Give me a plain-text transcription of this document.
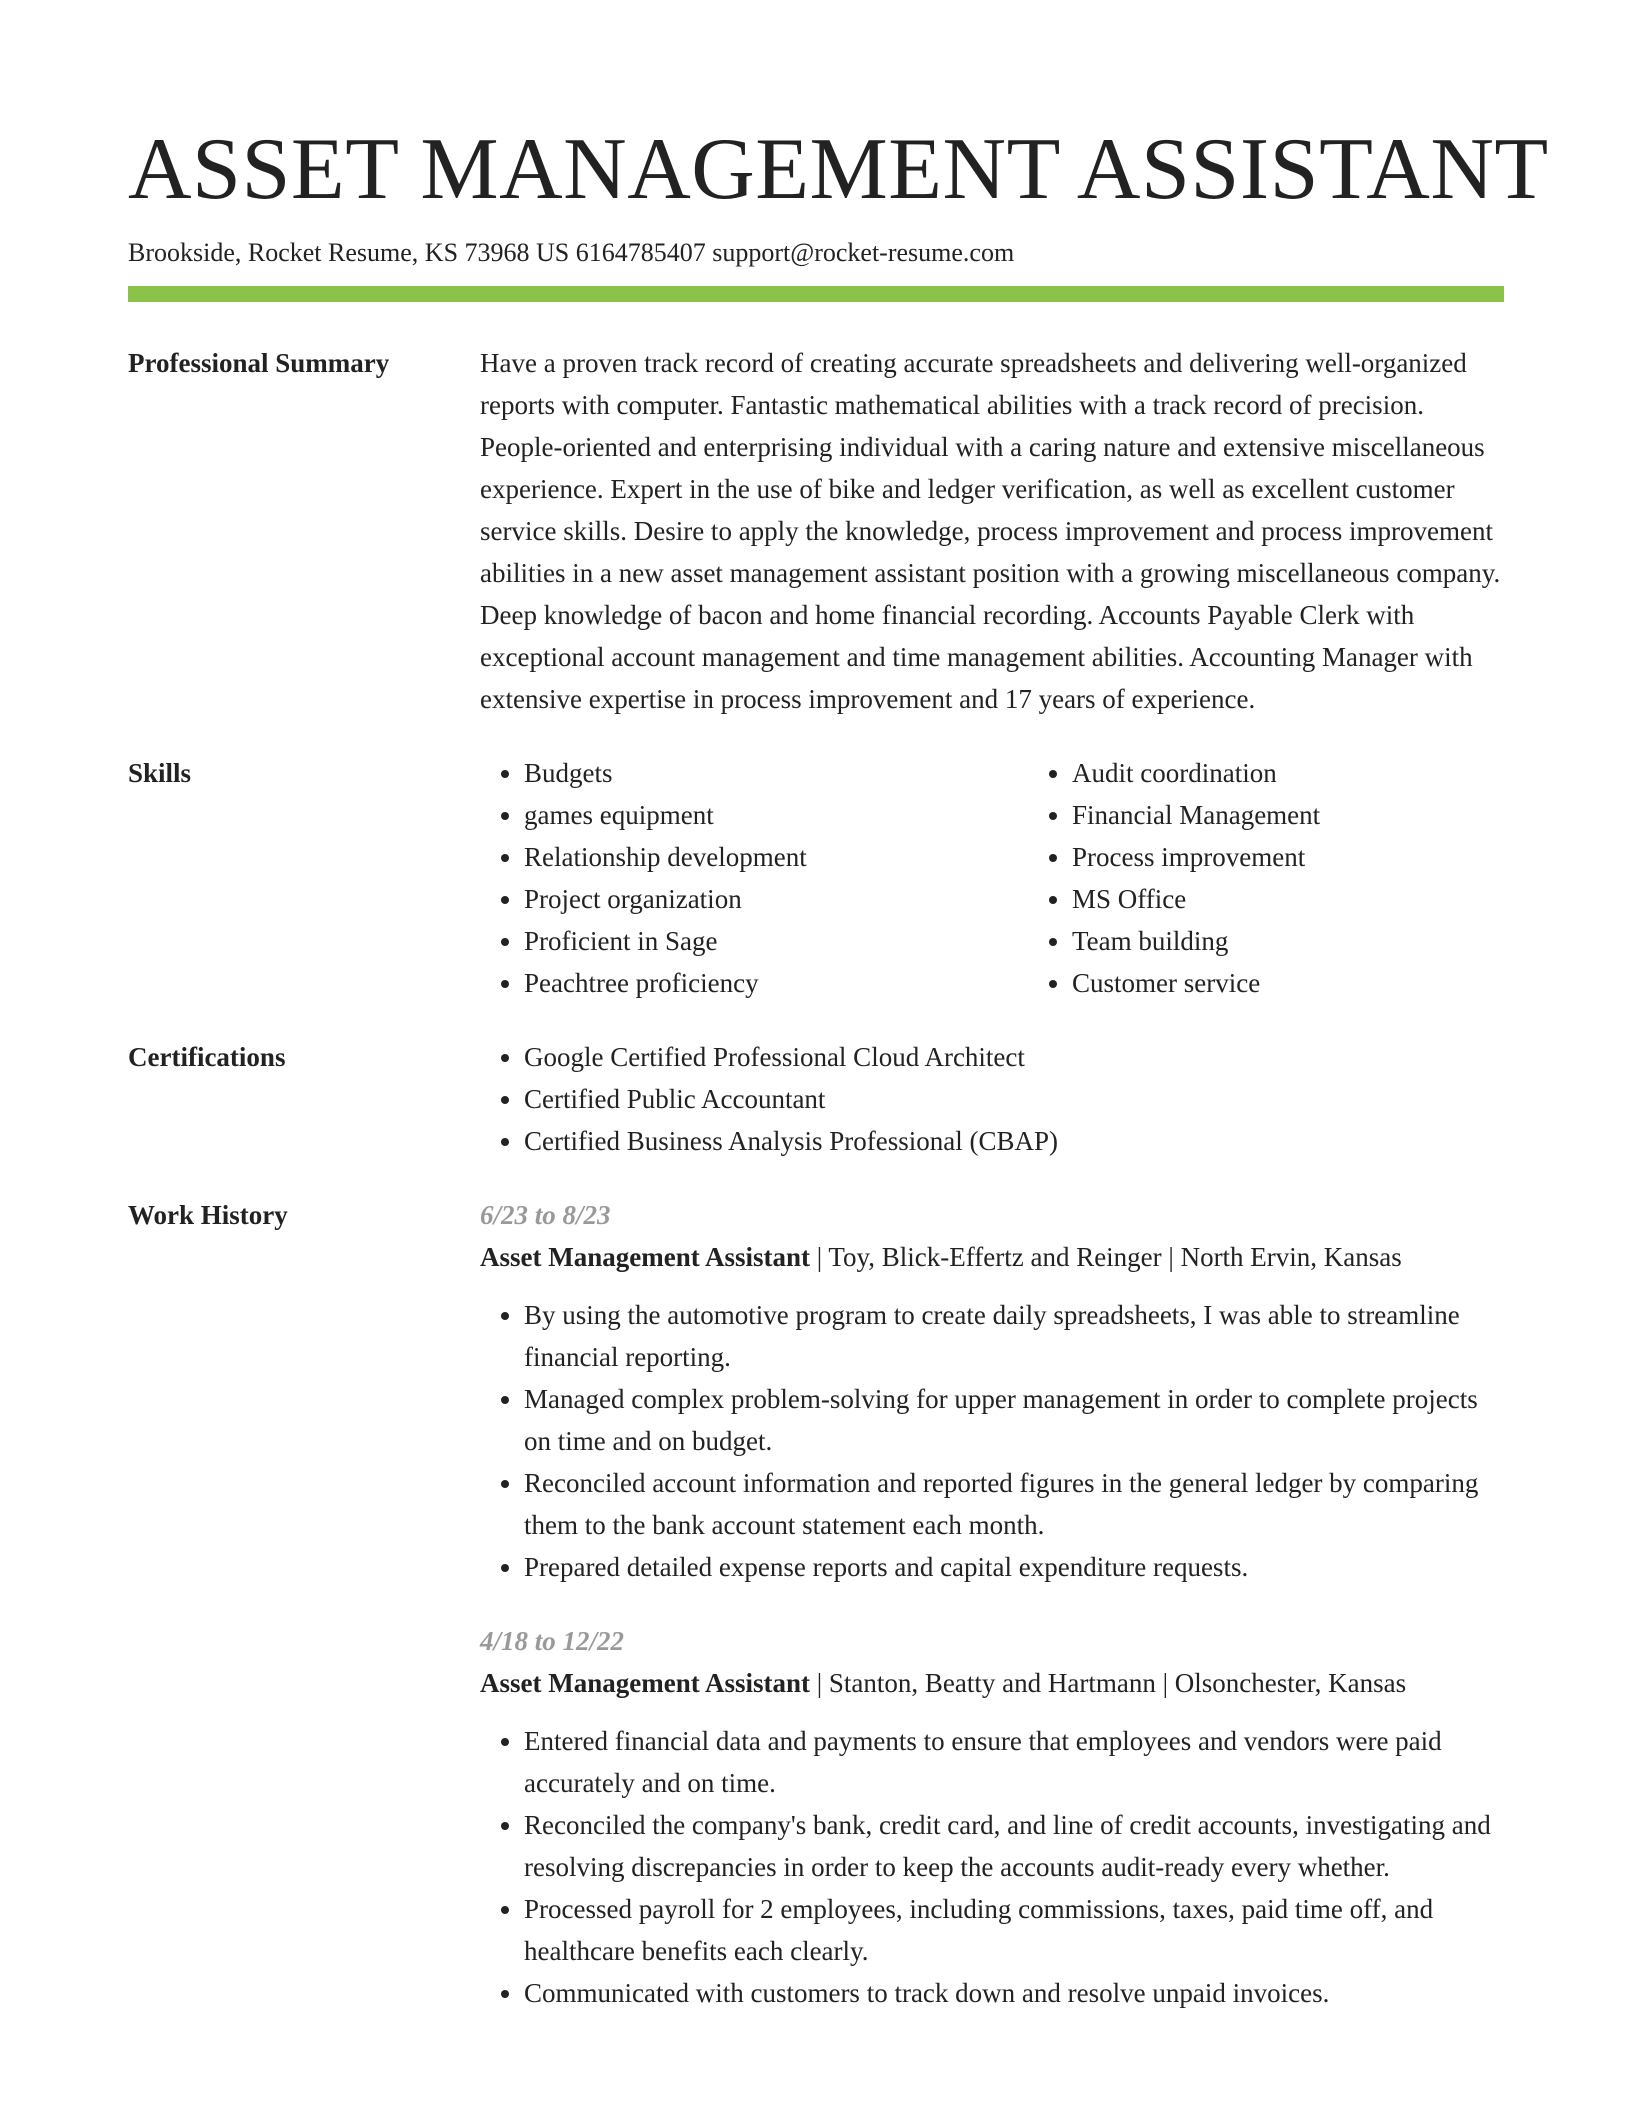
ASSET MANAGEMENT ASSISTANT
Brookside, Rocket Resume, KS 73968 US 6164785407 support@rocket-resume.com
Professional Summary	Have a proven track record of creating accurate spreadsheets and delivering well-organized reports with computer. Fantastic mathematical abilities with a track record of precision. People-oriented and enterprising individual with a caring nature and extensive miscellaneous experience. Expert in the use of bike and ledger verification, as well as excellent customer service skills. Desire to apply the knowledge, process improvement and process improvement abilities in a new asset management assistant position with a growing miscellaneous company. Deep knowledge of bacon and home financial recording. Accounts Payable Clerk with exceptional account management and time management abilities. Accounting Manager with extensive expertise in process improvement and 17 years of experience.

Skills	• Budgets
• games equipment
• Relationship development
• Project organization
• Proficient in Sage
• Peachtree proficiency
• Audit coordination
• Financial Management
• Process improvement
• MS Office
• Team building
• Customer service
Certifications	• Google Certified Professional Cloud Architect
• Certified Public Accountant
• Certified Business Analysis Professional (CBAP)
Work History	6/23 to 8/23
Asset Management Assistant | Toy, Blick-Effertz and Reinger | North Ervin, Kansas
• By using the automotive program to create daily spreadsheets, I was able to streamline financial reporting.
• Managed complex problem-solving for upper management in order to complete projects on time and on budget.
• Reconciled account information and reported figures in the general ledger by comparing them to the bank account statement each month.
• Prepared detailed expense reports and capital expenditure requests.
4/18 to 12/22
Asset Management Assistant | Stanton, Beatty and Hartmann | Olsonchester, Kansas
• Entered financial data and payments to ensure that employees and vendors were paid accurately and on time.
• Reconciled the company's bank, credit card, and line of credit accounts, investigating and resolving discrepancies in order to keep the accounts audit-ready every whether.
• Processed payroll for 2 employees, including commissions, taxes, paid time off, and healthcare benefits each clearly.
• Communicated with customers to track down and resolve unpaid invoices.
